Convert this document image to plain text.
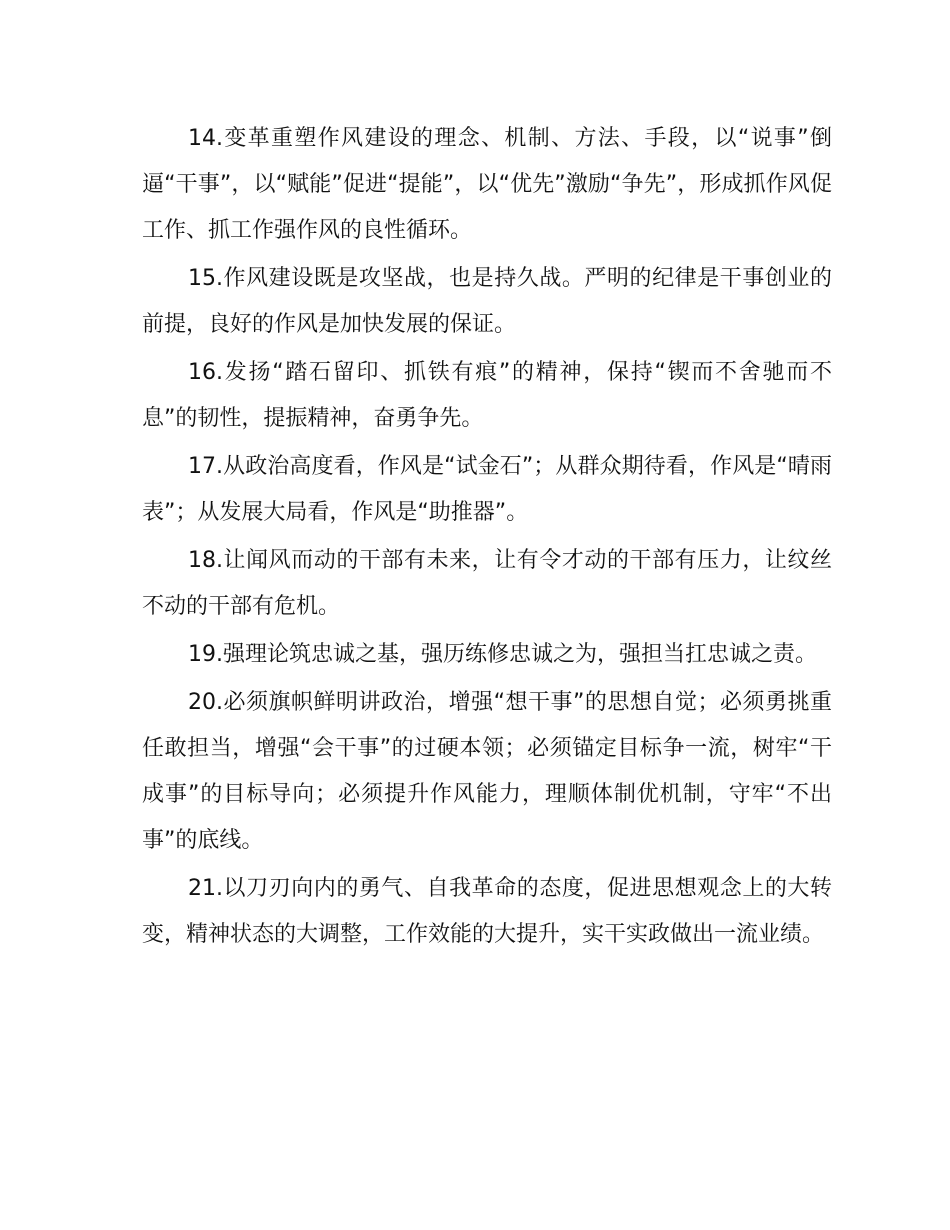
14.变革重塑作风建设的理念、机制、方法、手段，以“说事”倒逼“干事”，以“赋能”促进“提能”，以“优先”激励“争先”，形成抓作风促工作、抓工作强作风的良性循环。

15.作风建设既是攻坚战，也是持久战。严明的纪律是干事创业的前提，良好的作风是加快发展的保证。

16.发扬“踏石留印、抓铁有痕”的精神，保持“锲而不舍驰而不息”的韧性，提振精神，奋勇争先。

17.从政治高度看，作风是“试金石”；从群众期待看，作风是“晴雨表”；从发展大局看，作风是“助推器”。

18.让闻风而动的干部有未来，让有令才动的干部有压力，让纹丝不动的干部有危机。

19.强理论筑忠诚之基，强历练修忠诚之为，强担当扛忠诚之责。

20.必须旗帜鲜明讲政治，增强“想干事”的思想自觉；必须勇挑重任敢担当，增强“会干事”的过硬本领；必须锚定目标争一流，树牢“干成事”的目标导向；必须提升作风能力，理顺体制优机制，守牢“不出事”的底线。

21.以刀刃向内的勇气、自我革命的态度，促进思想观念上的大转变，精神状态的大调整，工作效能的大提升，实干实政做出一流业绩。
